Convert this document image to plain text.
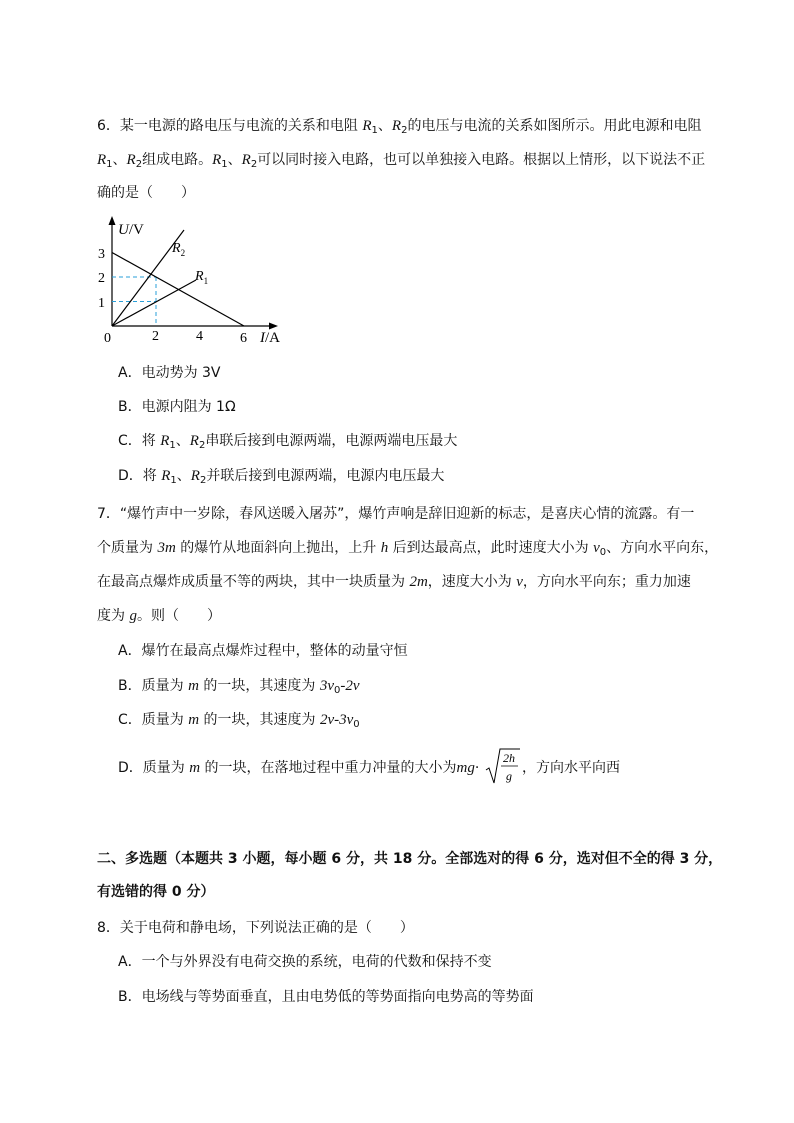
6．某一电源的路电压与电流的关系和电阻 $R_1$、$R_2$的电压与电流的关系如图所示。用此电源和电阻
$R_1$、$R_2$组成电路。$R_1$、$R_2$可以同时接入电路，也可以单独接入电路。根据以上情形，以下说法不正
确的是（　　）
3
2
1
0	2	4	6
U/V
I/A
$R_2$
$R_1$
A．电动势为 3V
B．电源内阻为 1Ω
C．将 $R_1$、$R_2$串联后接到电源两端，电源两端电压最大
D．将 $R_1$、$R_2$并联后接到电源两端，电源内电压最大
7．“爆竹声中一岁除，春风送暖入屠苏”，爆竹声响是辞旧迎新的标志，是喜庆心情的流露。有一
个质量为 3m 的爆竹从地面斜向上抛出，上升 h 后到达最高点，此时速度大小为 $v_0$、方向水平向东，
在最高点爆炸成质量不等的两块，其中一块质量为 2m，速度大小为 v，方向水平向东；重力加速
度为 g。则（　　）
A．爆竹在最高点爆炸过程中，整体的动量守恒
B．质量为 m 的一块，其速度为 $3v_0-2v$
C．质量为 m 的一块，其速度为 $2v-3v_0$
D．质量为 m 的一块，在落地过程中重力冲量的大小为mg·
2h
g ，方向水平向西
二、多选题（本题共 3 小题，每小题 6 分，共 18 分。全部选对的得 6 分，选对但不全的得 3 分，
有选错的得 0 分）
8．关于电荷和静电场，下列说法正确的是（　　）
A．一个与外界没有电荷交换的系统，电荷的代数和保持不变
B．电场线与等势面垂直，且由电势低的等势面指向电势高的等势面
